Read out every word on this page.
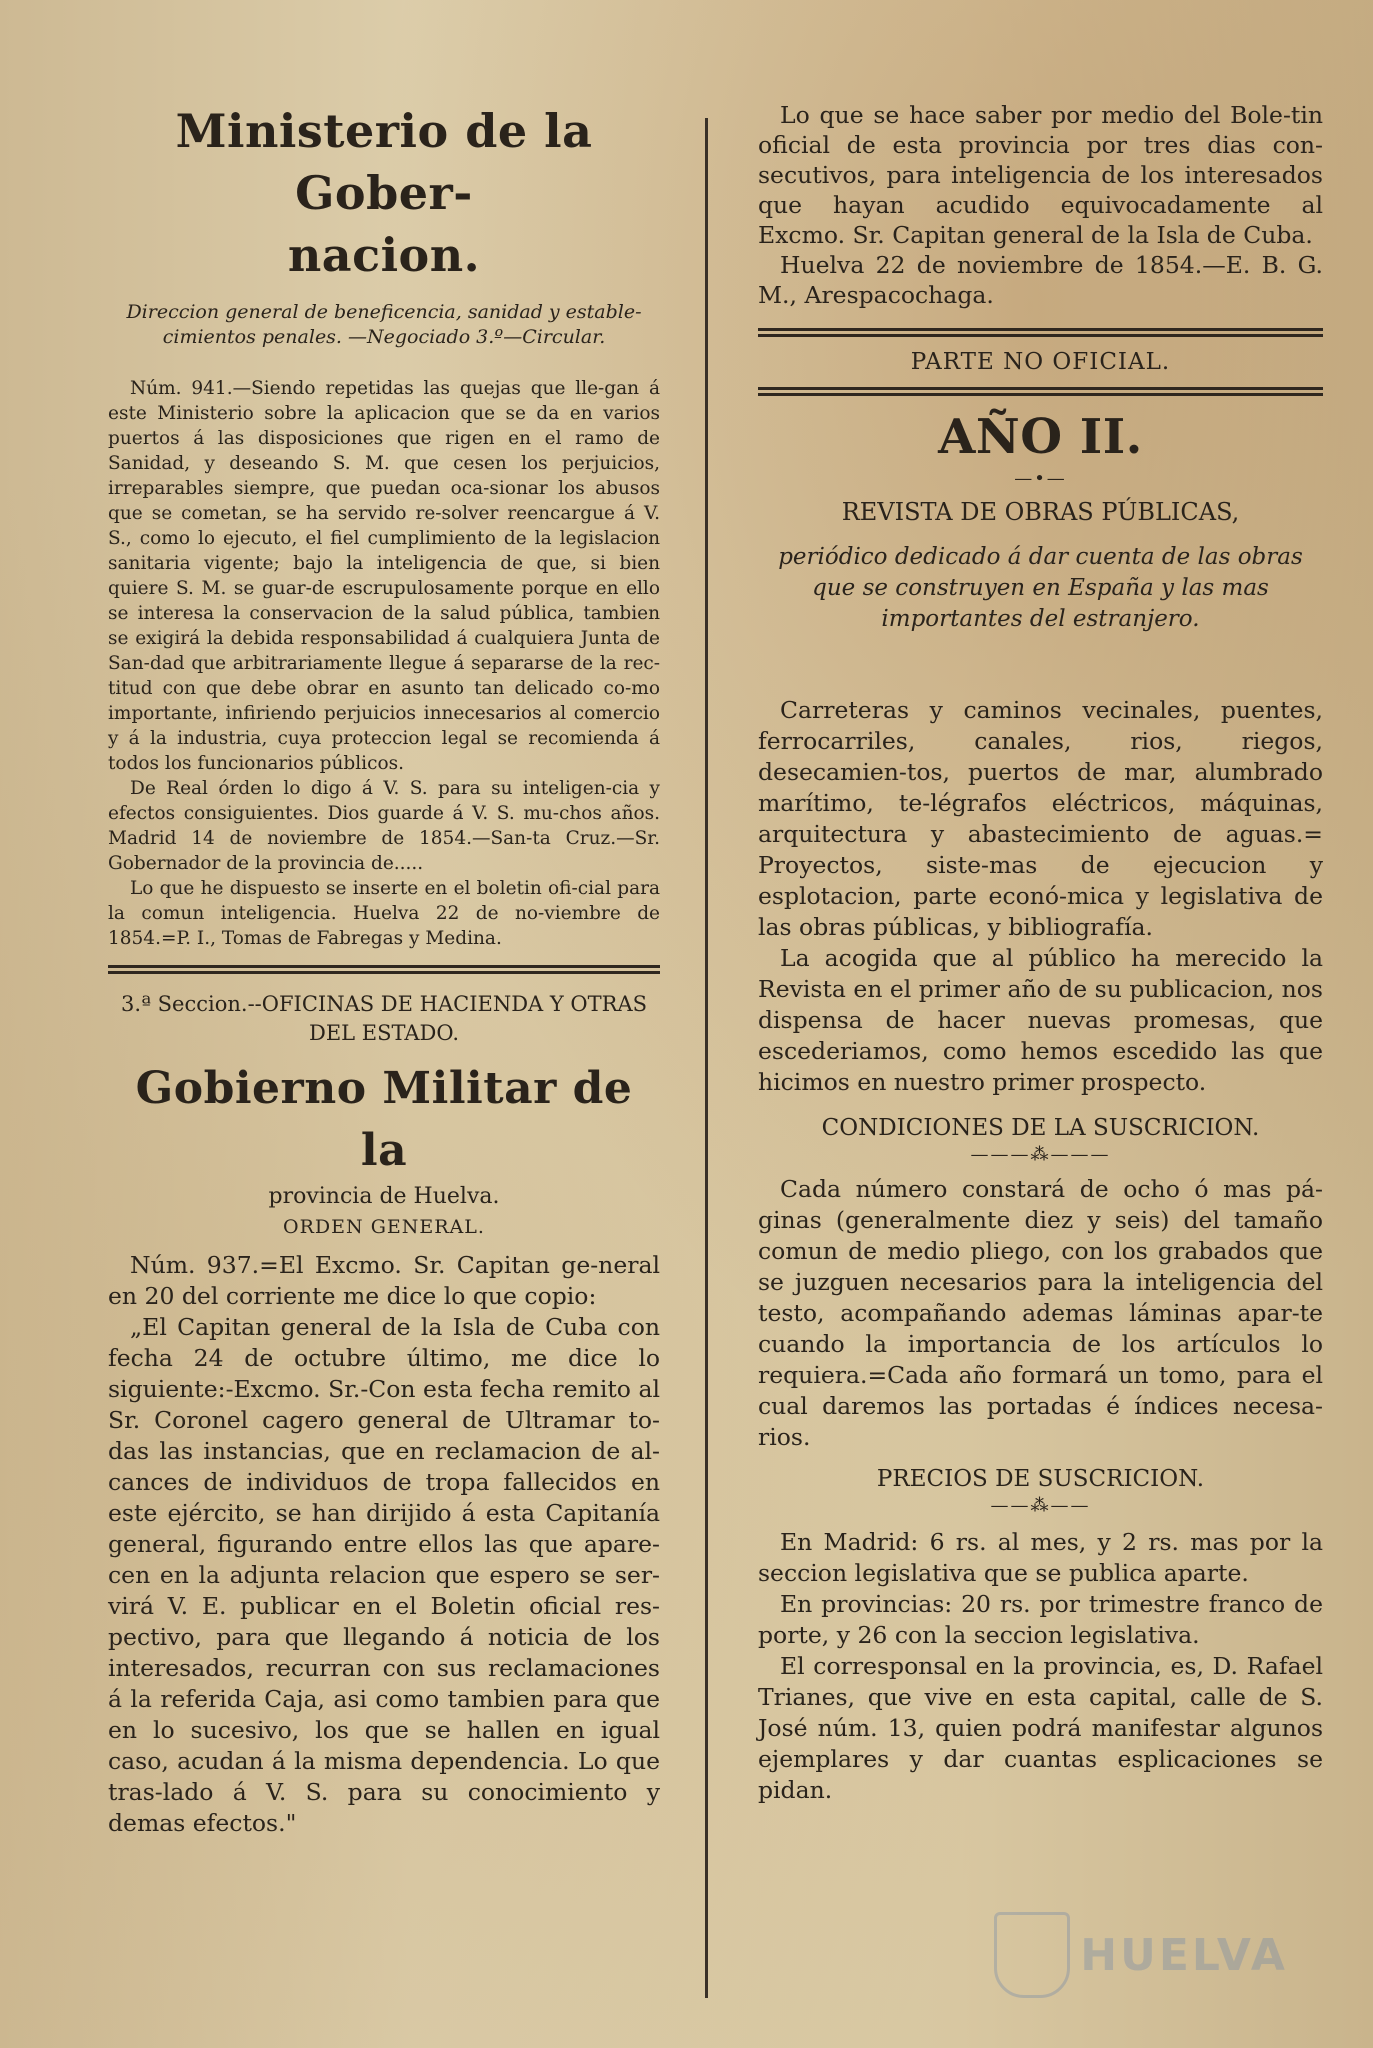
Ministerio de la Gober-
nacion.
Direccion general de beneficencia, sanidad y estable-
cimientos penales. —Negociado 3.º—Circular.

Núm. 941.—Siendo repetidas las quejas que lle-gan á este Ministerio sobre la aplicacion que se da en varios puertos á las disposiciones que rigen en el ramo de Sanidad, y deseando S. M. que cesen los perjuicios, irreparables siempre, que puedan oca-sionar los abusos que se cometan, se ha servido re-solver reencargue á V. S., como lo ejecuto, el fiel cumplimiento de la legislacion sanitaria vigente; bajo la inteligencia de que, si bien quiere S. M. se guar-de escrupulosamente porque en ello se interesa la conservacion de la salud pública, tambien se exigirá la debida responsabilidad á cualquiera Junta de San-dad que arbitrariamente llegue á separarse de la rec-titud con que debe obrar en asunto tan delicado co-mo importante, infiriendo perjuicios innecesarios al comercio y á la industria, cuya proteccion legal se recomienda á todos los funcionarios públicos.

De Real órden lo digo á V. S. para su inteligen-cia y efectos consiguientes. Dios guarde á V. S. mu-chos años. Madrid 14 de noviembre de 1854.—San-ta Cruz.—Sr. Gobernador de la provincia de.....

Lo que he dispuesto se inserte en el boletin ofi-cial para la comun inteligencia. Huelva 22 de no-viembre de 1854.=P. I., Tomas de Fabregas y Medina.

3.ª Seccion.--OFICINAS DE HACIENDA Y OTRAS DEL ESTADO.
Gobierno Militar de la
provincia de Huelva.
ORDEN GENERAL.

Núm. 937.=El Excmo. Sr. Capitan ge-neral en 20 del corriente me dice lo que copio:

„El Capitan general de la Isla de Cuba con fecha 24 de octubre último, me dice lo siguiente:-Excmo. Sr.-Con esta fecha remito al Sr. Coronel cagero general de Ultramar to-das las instancias, que en reclamacion de al-cances de individuos de tropa fallecidos en este ejército, se han dirijido á esta Capitanía general, figurando entre ellos las que apare-cen en la adjunta relacion que espero se ser-virá V. E. publicar en el Boletin oficial res-pectivo, para que llegando á noticia de los interesados, recurran con sus reclamaciones á la referida Caja, asi como tambien para que en lo sucesivo, los que se hallen en igual caso, acudan á la misma dependencia. Lo que tras-lado á V. S. para su conocimiento y demas efectos."

Lo que se hace saber por medio del Bole-tin oficial de esta provincia por tres dias con-secutivos, para inteligencia de los interesados que hayan acudido equivocadamente al Excmo. Sr. Capitan general de la Isla de Cuba.

Huelva 22 de noviembre de 1854.—E. B. G. M., Arespacochaga.

PARTE NO OFICIAL.
AÑO II.
—•—
REVISTA DE OBRAS PÚBLICAS,
periódico dedicado á dar cuenta de las obras que se construyen en España y las mas importantes del estranjero.

Carreteras y caminos vecinales, puentes, ferrocarriles, canales, rios, riegos, desecamien-tos, puertos de mar, alumbrado marítimo, te-légrafos eléctricos, máquinas, arquitectura y abastecimiento de aguas.= Proyectos, siste-mas de ejecucion y esplotacion, parte econó-mica y legislativa de las obras públicas, y bibliografía.

La acogida que al público ha merecido la Revista en el primer año de su publicacion, nos dispensa de hacer nuevas promesas, que escederiamos, como hemos escedido las que hicimos en nuestro primer prospecto.

CONDICIONES DE LA SUSCRICION.
———⁂———

Cada número constará de ocho ó mas pá-ginas (generalmente diez y seis) del tamaño comun de medio pliego, con los grabados que se juzguen necesarios para la inteligencia del testo, acompañando ademas láminas apar-te cuando la importancia de los artículos lo requiera.=Cada año formará un tomo, para el cual daremos las portadas é índices necesa-rios.

PRECIOS DE SUSCRICION.
——⁂——

En Madrid: 6 rs. al mes, y 2 rs. mas por la seccion legislativa que se publica aparte.

En provincias: 20 rs. por trimestre franco de porte, y 26 con la seccion legislativa.

El corresponsal en la provincia, es, D. Rafael Trianes, que vive en esta capital, calle de S. José núm. 13, quien podrá manifestar algunos ejemplares y dar cuantas esplicaciones se pidan.

HUELVA
